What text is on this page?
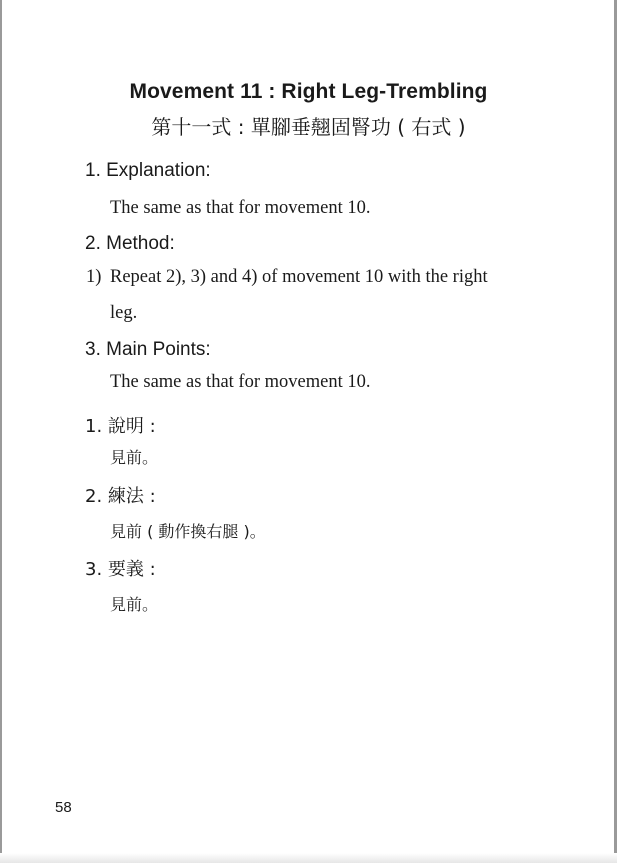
Movement 11 : Right Leg-Trembling
第十一式 : 單腳垂翹固腎功 ( 右式 )
1. Explanation:
The same as that for movement 10.
2. Method:
1) Repeat 2), 3) and 4) of movement 10 with the right
leg.
3. Main Points:
The same as that for movement 10.
1. 說明 :
見前。
2. 練法 :
見前 ( 動作換右腿 )。
3. 要義 :
見前。
58
